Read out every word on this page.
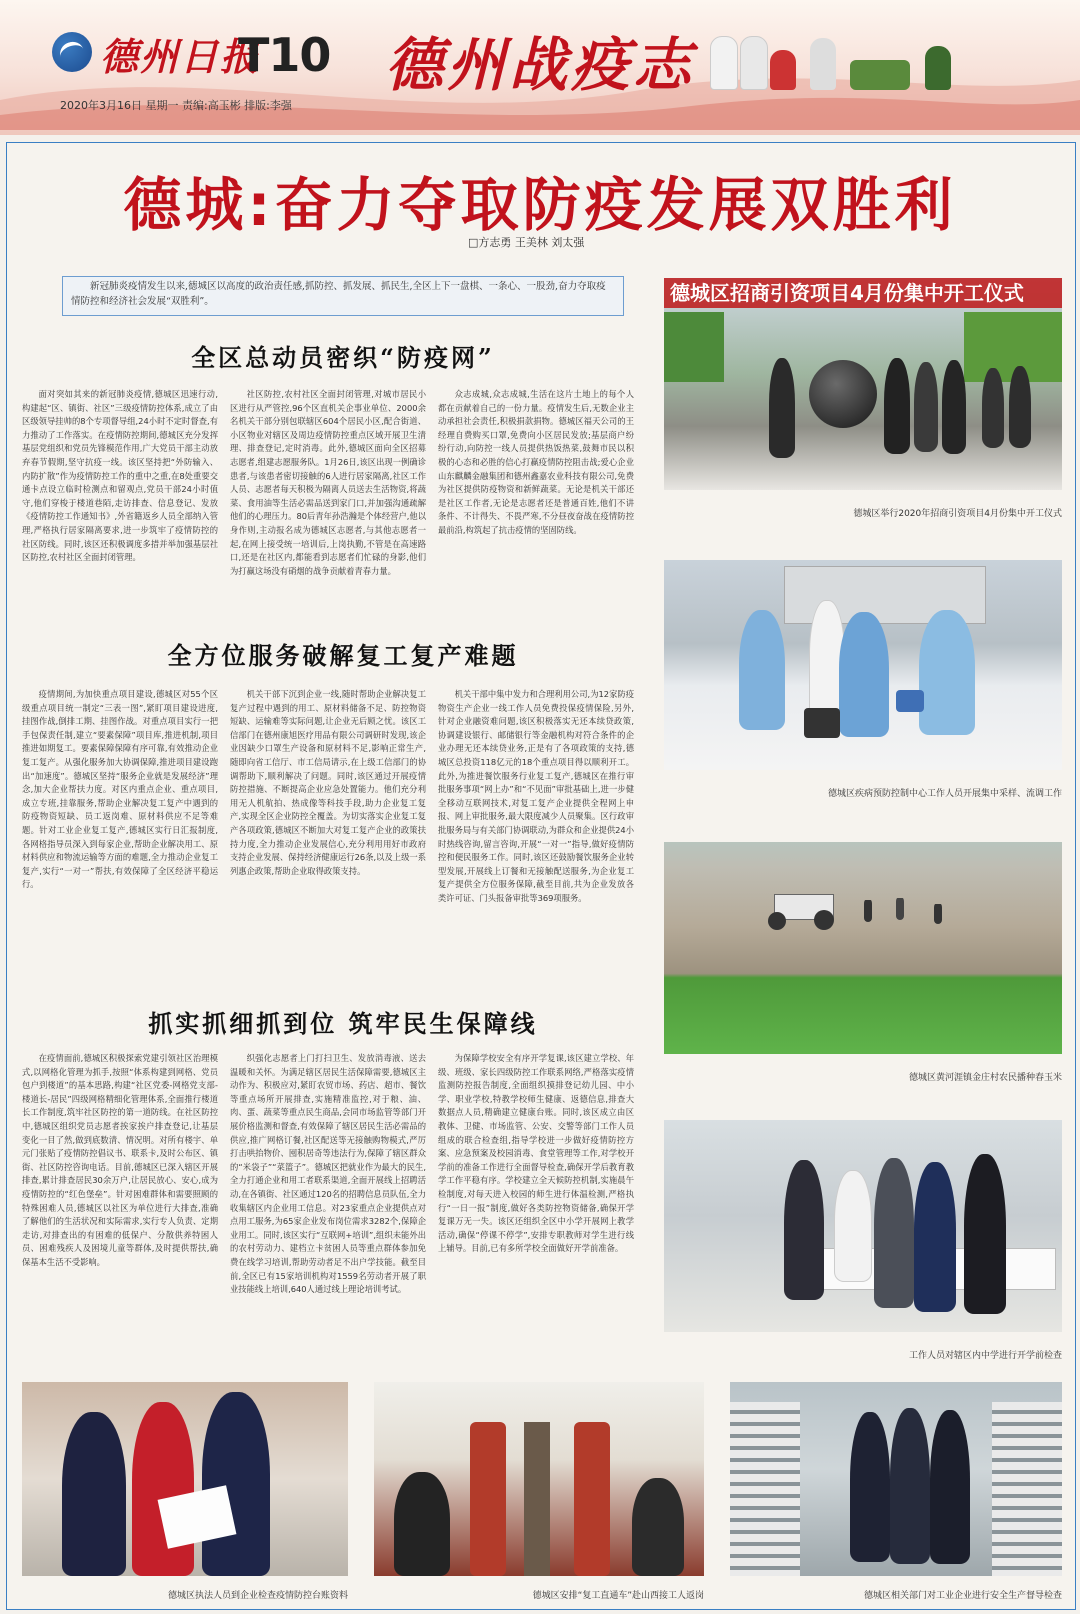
德州日报
T10 德州战疫志
2020年3月16日 星期一 责编:高玉彬 排版:李强
德城:奋力夺取防疫发展双胜利
□方志勇 王美林 刘太强
新冠肺炎疫情发生以来,德城区以高度的政治责任感,抓防控、抓发展、抓民生,全区上下一盘棋、一条心、一股劲,奋力夺取疫情防控和经济社会发展“双胜利”。
全区总动员密织“防疫网”
面对突如其来的新冠肺炎疫情,德城区迅速行动,构建起“区、镇街、社区”三级疫情防控体系,成立了由区级领导挂帅的8个专项督导组,24小时不定时督查,有力推动了工作落实。在疫情防控期间,德城区充分发挥基层党组织和党员先锋模范作用,广大党员干部主动放弃春节假期,坚守抗疫一线。该区坚持把“外防输入、内防扩散”作为疫情防控工作的重中之重,在8处重要交通卡点设立临时检测点和留观点,党员干部24小时值守,他们穿梭于楼道巷陌,走访排查、信息登记、发放《疫情防控工作通知书》,外省籍返乡人员全部纳入管理,严格执行居家隔离要求,进一步筑牢了疫情防控的社区防线。同时,该区还积极调度多措并举加强基层社区防控,农村社区全面封闭管理。
社区防控,农村社区全面封闭管理,对城市居民小区进行从严管控,96个区直机关企事业单位、2000余名机关干部分别包联辖区604个居民小区,配合街道、小区物业对辖区及周边疫情防控重点区域开展卫生清理、排查登记,定时消毒。此外,德城区面向全区招募志愿者,组建志愿服务队。1月26日,该区出现一例确诊患者,与该患者密切接触的6人进行居家隔离,社区工作人员、志愿者每天积极为隔离人员送去生活物资,将蔬菜、食用油等生活必需品送到家门口,并加强沟通疏解他们的心理压力。80后青年孙浩瀚是个体经营户,他以身作则,主动报名成为德城区志愿者,与其他志愿者一起,在网上接受统一培训后,上岗执勤,不管是在高速路口,还是在社区内,都能看到志愿者们忙碌的身影,他们为打赢这场没有硝烟的战争贡献着青春力量。
众志成城,众志成城,生活在这片土地上的每个人都在贡献着自己的一份力量。疫情发生后,无数企业主动承担社会责任,积极捐款捐物。德城区福天公司的王经理自费购买口罩,免费向小区居民发放;基层商户纷纷行动,向防控一线人员提供热饭热菜,鼓舞市民以积极的心态和必胜的信心打赢疫情防控阻击战;爱心企业山东麒麟金融集团和德州鑫嘉农业科技有限公司,免费为社区提供防疫物资和新鲜蔬菜。无论是机关干部还是社区工作者,无论是志愿者还是普通百姓,他们不讲条件、不计得失、不畏严寒,不分昼夜奋战在疫情防控最前沿,构筑起了抗击疫情的坚固防线。
全方位服务破解复工复产难题
疫情期间,为加快重点项目建设,德城区对55个区级重点项目统一制定“三表一图”,紧盯项目建设进度,挂图作战,倒排工期、挂图作战。对重点项目实行一把手包保责任制,建立“要素保障”项目库,推进机制,项目推进如期复工。要素保障保障有序可靠,有效推动企业复工复产。从强化服务加大协调保障,推进项目建设跑出“加速度”。德城区坚持“服务企业就是发展经济”理念,加大企业帮扶力度。对区内重点企业、重点项目,成立专班,挂靠服务,帮助企业解决复工复产中遇到的防疫物资短缺、员工返岗难、原材料供应不足等难题。针对工业企业复工复产,德城区实行日汇报制度,各网格指导员深入到每家企业,帮助企业解决用工、原材料供应和物流运输等方面的难题,全力推动企业复工复产,实行“一对一”帮扶,有效保障了全区经济平稳运行。
机关干部下沉到企业一线,随时帮助企业解决复工复产过程中遇到的用工、原材料储备不足、防控物资短缺、运输难等实际问题,让企业无后顾之忧。该区工信部门在德州康旭医疗用品有限公司调研时发现,该企业因缺少口罩生产设备和原材料不足,影响正常生产,随即向省工信厅、市工信局请示,在上级工信部门的协调帮助下,顺利解决了问题。同时,该区通过开展疫情防控措施、不断提高企业应急处置能力。他们充分利用无人机航拍、热成像等科技手段,助力企业复工复产,实现全区企业防控全覆盖。为切实落实企业复工复产各项政策,德城区不断加大对复工复产企业的政策扶持力度,全力推动企业发展信心,充分利用用好市政府支持企业发展、保持经济健康运行26条,以及上级一系列惠企政策,帮助企业取得政策支持。
机关干部中集中发力和合理利用公司,为12家防疫物资生产企业一线工作人员免费投保疫情保险,另外,针对企业融资难问题,该区积极落实无还本续贷政策,协调建设银行、邮储银行等金融机构对符合条件的企业办理无还本续贷业务,正是有了各项政策的支持,德城区总投资118亿元的18个重点项目得以顺利开工。此外,为推进餐饮服务行业复工复产,德城区在推行审批服务事项“网上办”和“不见面”审批基础上,进一步健全移动互联网技术,对复工复产企业提供全程网上申报、网上审批服务,最大限度减少人员聚集。区行政审批服务局与有关部门协调联动,为群众和企业提供24小时热线咨询,留言咨询,开展“一对一”指导,做好疫情防控和便民服务工作。同时,该区还鼓励餐饮服务企业转型发展,开展线上订餐和无接触配送服务,为企业复工复产提供全方位服务保障,截至目前,共为企业发放各类许可证、门头报备审批等369项服务。
抓实抓细抓到位 筑牢民生保障线
在疫情面前,德城区积极探索党建引领社区治理模式,以网格化管理为抓手,按照“体系构建到网格、党员包户到楼道”的基本思路,构建“社区党委-网格党支部-楼道长-居民”四级网格精细化管理体系,全面推行楼道长工作制度,筑牢社区防控的第一道防线。在社区防控中,德城区组织党员志愿者挨家挨户排查登记,让基层变化一目了然,做到底数清、情况明。对所有楼宇、单元门张贴了疫情防控倡议书、联系卡,及时公布区、镇街、社区防控咨询电话。目前,德城区已深入辖区开展排查,累计排查居民30余万户,让居民放心、安心,成为疫情防控的“红色堡垒”。针对困难群体和需要照顾的特殊困难人员,德城区以社区为单位进行大排查,准确了解他们的生活状况和实际需求,实行专人负责、定期走访,对排查出的有困难的低保户、分散供养特困人员、困难残疾人及困境儿童等群体,及时提供帮扶,确保基本生活不受影响。
织强化志愿者上门打扫卫生、发放消毒液、送去温暖和关怀。为满足辖区居民生活保障需要,德城区主动作为、积极应对,紧盯农贸市场、药店、超市、餐饮等重点场所开展排查,实施精准监控,对于粮、油、肉、蛋、蔬菜等重点民生商品,会同市场监管等部门开展价格监测和督查,有效保障了辖区居民生活必需品的供应,推广网格订餐,社区配送等无接触购物模式,严厉打击哄抬物价、囤积居奇等违法行为,保障了辖区群众的“米袋子”“菜篮子”。德城区把就业作为最大的民生,全力打通企业和用工者联系渠道,全面开展线上招聘活动,在各镇街、社区通过120名的招聘信息员队伍,全力收集辖区内企业用工信息。对23家重点企业提供点对点用工服务,为65家企业发布岗位需求3282个,保障企业用工。同时,该区实行“互联网+培训”,组织未能外出的农村劳动力、建档立卡贫困人员等重点群体参加免费在线学习培训,帮助劳动者足不出户学技能。截至目前,全区已有15家培训机构对1559名劳动者开展了职业技能线上培训,640人通过线上理论培训考试。
为保障学校安全有序开学复课,该区建立学校、年级、班级、家长四级防控工作联系网络,严格落实疫情监测防控报告制度,全面组织摸排登记幼儿园、中小学、职业学校,特教学校师生健康、返德信息,排查大数据点人员,精确建立健康台账。同时,该区成立由区教体、卫健、市场监管、公安、交警等部门工作人员组成的联合检查组,指导学校进一步做好疫情防控方案、应急预案及校园消毒、食堂管理等工作,对学校开学前的准备工作进行全面督导检查,确保开学后教育教学工作平稳有序。学校建立全天候防控机制,实施晨午检制度,对每天进入校园的师生进行体温检测,严格执行“一日一报”制度,做好各类防控物资储备,确保开学复课万无一失。该区还组织全区中小学开展网上教学活动,确保“停课不停学”,安排专职教师对学生进行线上辅导。目前,已有多所学校全面做好开学前准备。
德城区招商引资项目4月份集中开工仪式
德城区举行2020年招商引资项目4月份集中开工仪式
德城区疾病预防控制中心工作人员开展集中采样、流调工作
德城区黄河涯镇金庄村农民播种春玉米
工作人员对辖区内中学进行开学前检查
德城区执法人员到企业检查疫情防控台账资料	德城区安排“复工直通车”赴山西接工人返岗	德城区相关部门对工业企业进行安全生产督导检查
